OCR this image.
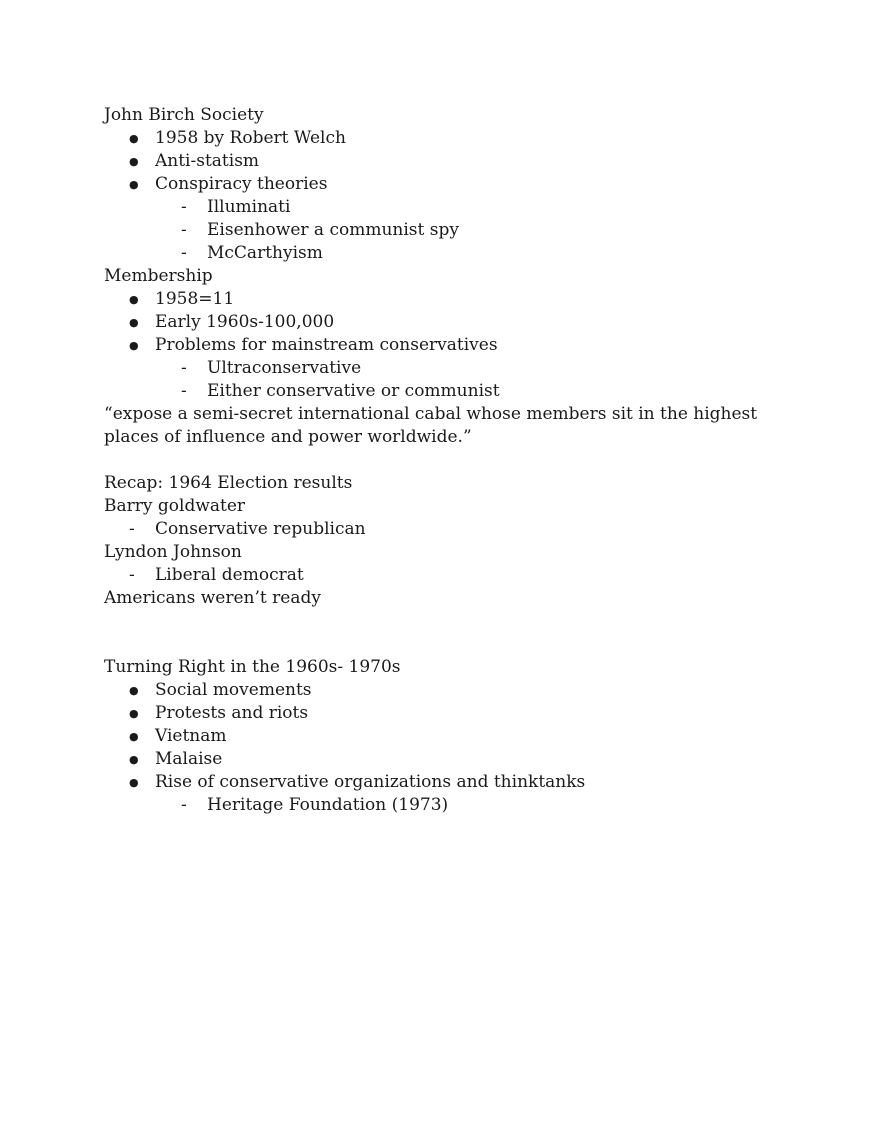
John Birch Society
● 1958 by Robert Welch
● Anti-statism
● Conspiracy theories
-	Illuminati
-	Eisenhower a communist spy
-	McCarthyism
Membership
● 1958=11
● Early 1960s-100,000
● Problems for mainstream conservatives
-	Ultraconservative
-	Either conservative or communist
“expose a semi-secret international cabal whose members sit in the highest places of influence and power worldwide.”
Recap: 1964 Election results
Barry goldwater
-	Conservative republican
Lyndon Johnson
-	Liberal democrat
Americans weren’t ready
Turning Right in the 1960s- 1970s
● Social movements
● Protests and riots
● Vietnam
● Malaise
● Rise of conservative organizations and thinktanks
-	Heritage Foundation (1973)
